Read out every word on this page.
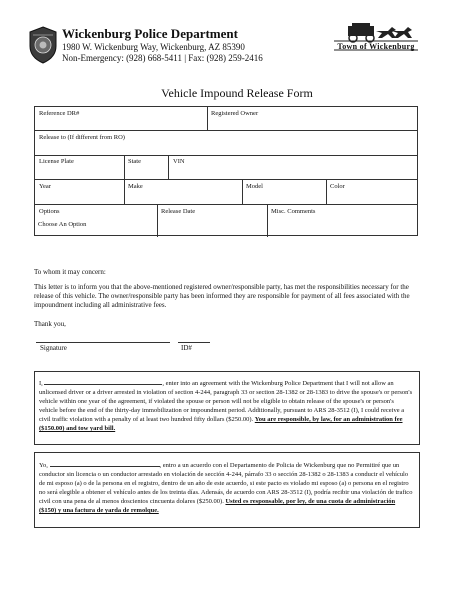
Wickenburg Police Department
1980 W. Wickenburg Way, Wickenburg, AZ 85390
Non-Emergency: (928) 668-5411 | Fax: (928) 259-2416
Town of Wickenburg
Vehicle Impound Release Form
Reference DR#	Registered Owner
Release to (If different from RO)
License Plate	State	VIN
Year	Make	Model	Color
Options	Release Date	Misc. Comments
Choose An Option
To whom it may concern:
This letter is to inform you that the above-mentioned registered owner/responsible party, has met the responsibilities necessary for the release of this vehicle. The owner/responsible party has been informed they are responsible for payment of all fees associated with the impoundment including all administrative fees.
Thank you,
Signature	ID#
I,	, enter into an agreement with the Wickenburg Police Department that I will not allow an unlicensed driver or a driver arrested in violation of section 4-244, paragraph 33 or section 28-1382 or 28-1383 to drive the spouse's or person's vehicle within one year of the agreement, if violated the spouse or person will not be eligible to obtain release of the spouse's or person's vehicle before the end of the thirty-day immobilization or impoundment period. Additionally, pursuant to ARS 28-3512 (I), I could receive a civil traffic violation with a penalty of at least two hundred fifty dollars ($250.00). You are responsible, by law, for an administration fee ($150.00) and tow yard bill.
Yo,	, entro a un acuerdo con el Departamento de Policia de Wickenburg que no Permitiré que un conductor sin licencia o un conductor arrestado en violación de sección 4-244, párrafo 33 o sección 28-1382 o 28-1383 a conducir el vehículo de mi esposo (a) o de la persona en el registro, dentro de un año de este acuerdo, si este pacto es violado mi esposo (a) o persona en el registro no será elegible a obtener el vehículo antes de los treinta días. Adensás, de acuerdo con ARS 28-3512 (I), podría recibir una violación de trafico civil con una pena de al menos doscientos cincuenta dolares ($250.00). Usted es responsable, por ley, de una cuota de administración ($150) y una factura de yarda de remolque.
